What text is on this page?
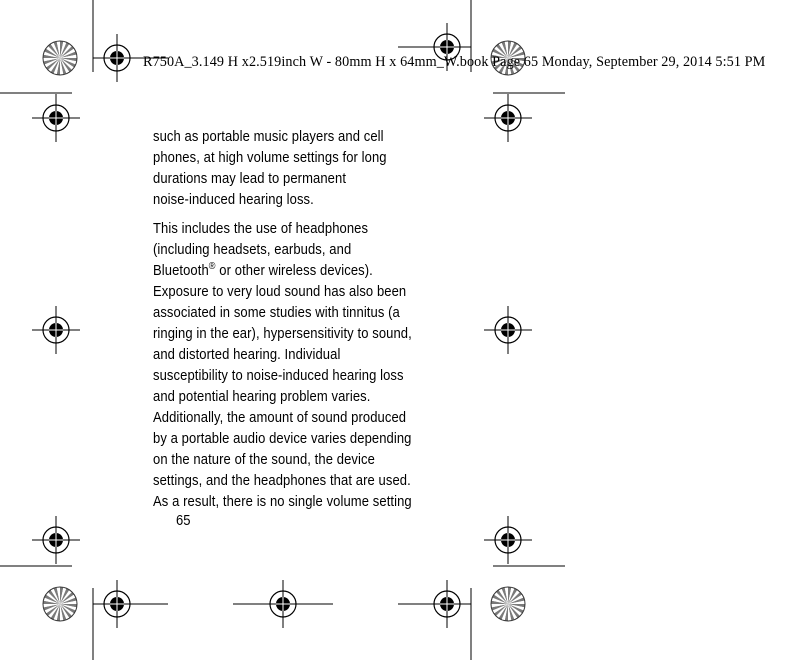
R750A_3.149 H x2.519inch W - 80mm H x 64mm_W.book Page 65 Monday, September 29, 2014 5:51 PM
such as portable music players and cell
phones, at high volume settings for long
durations may lead to permanent
noise-induced hearing loss.
This includes the use of headphones
(including headsets, earbuds, and
Bluetooth® or other wireless devices).
Exposure to very loud sound has also been
associated in some studies with tinnitus (a
ringing in the ear), hypersensitivity to sound,
and distorted hearing. Individual
susceptibility to noise-induced hearing loss
and potential hearing problem varies.
Additionally, the amount of sound produced
by a portable audio device varies depending
on the nature of the sound, the device
settings, and the headphones that are used.
As a result, there is no single volume setting
65
